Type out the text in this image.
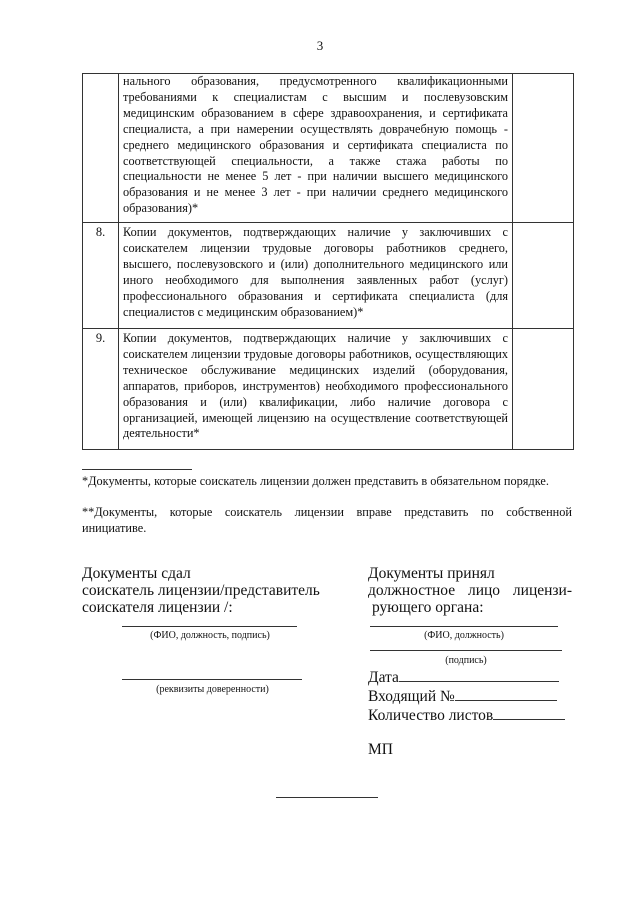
3

	нального образования, предусмотренного квалификационными требованиями к специалистам с высшим и послевузовским медицинским образованием в сфере здравоохранения, и сертификата специалиста, а при намерении осуществлять доврачебную помощь - среднего медицинского образования и сертификата специалиста по соответствующей специальности, а также стажа работы по специальности не менее 5 лет - при наличии высшего медицинского образования и не менее 3 лет - при наличии среднего медицинского образования)*	

8.	Копии документов, подтверждающих наличие у заключивших с соискателем лицензии трудовые договоры работников среднего, высшего, послевузовского и (или) дополнительного медицинского или иного необходимого для выполнения заявленных работ (услуг) профессионального образования и сертификата специалиста (для специалистов с медицинским образованием)*	

9.	Копии документов, подтверждающих наличие у заключивших с соискателем лицензии трудовые договоры работников, осуществляющих техническое обслуживание медицинских изделий (оборудования, аппаратов, приборов, инструментов) необходимого профессионального образования и (или) квалификации, либо наличие договора с организацией, имеющей лицензию на осуществление соответствующей деятельности*	

*Документы, которые соискатель лицензии должен представить в обязательном порядке.
**Документы, которые соискатель лицензии вправе представить по собственной инициативе.
Документы сдал
соискатель лицензии/представитель
соискателя лицензии /:
(ФИО, должность, подпись)
(реквизиты доверенности)
Документы принял
должностное лицо лицензи-
рующего органа:
(ФИО, должность)
(подпись)
Дата
Входящий №
Количество листов
МП
